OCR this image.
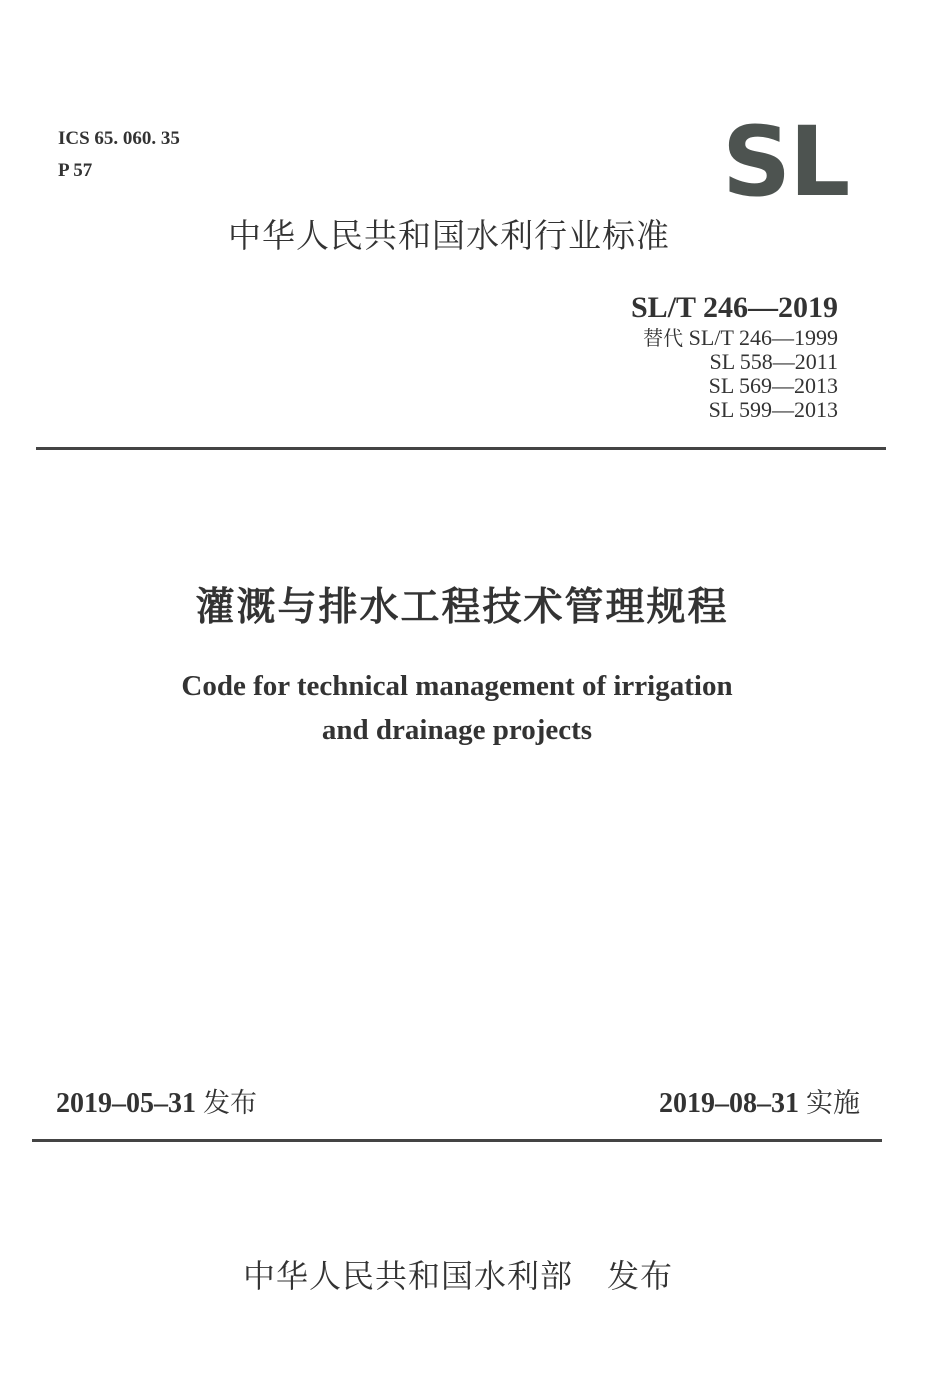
ICS 65. 060. 35
P 57	SL
中华人民共和国水利行业标准
SL/T 246—2019
替代 SL/T 246—1999
SL 558—2011
SL 569—2013
SL 599—2013
灌溉与排水工程技术管理规程
Code for technical management of irrigation
and drainage projects
2019–05–31 发布	2019–08–31 实施
中华人民共和国水利部 发布
